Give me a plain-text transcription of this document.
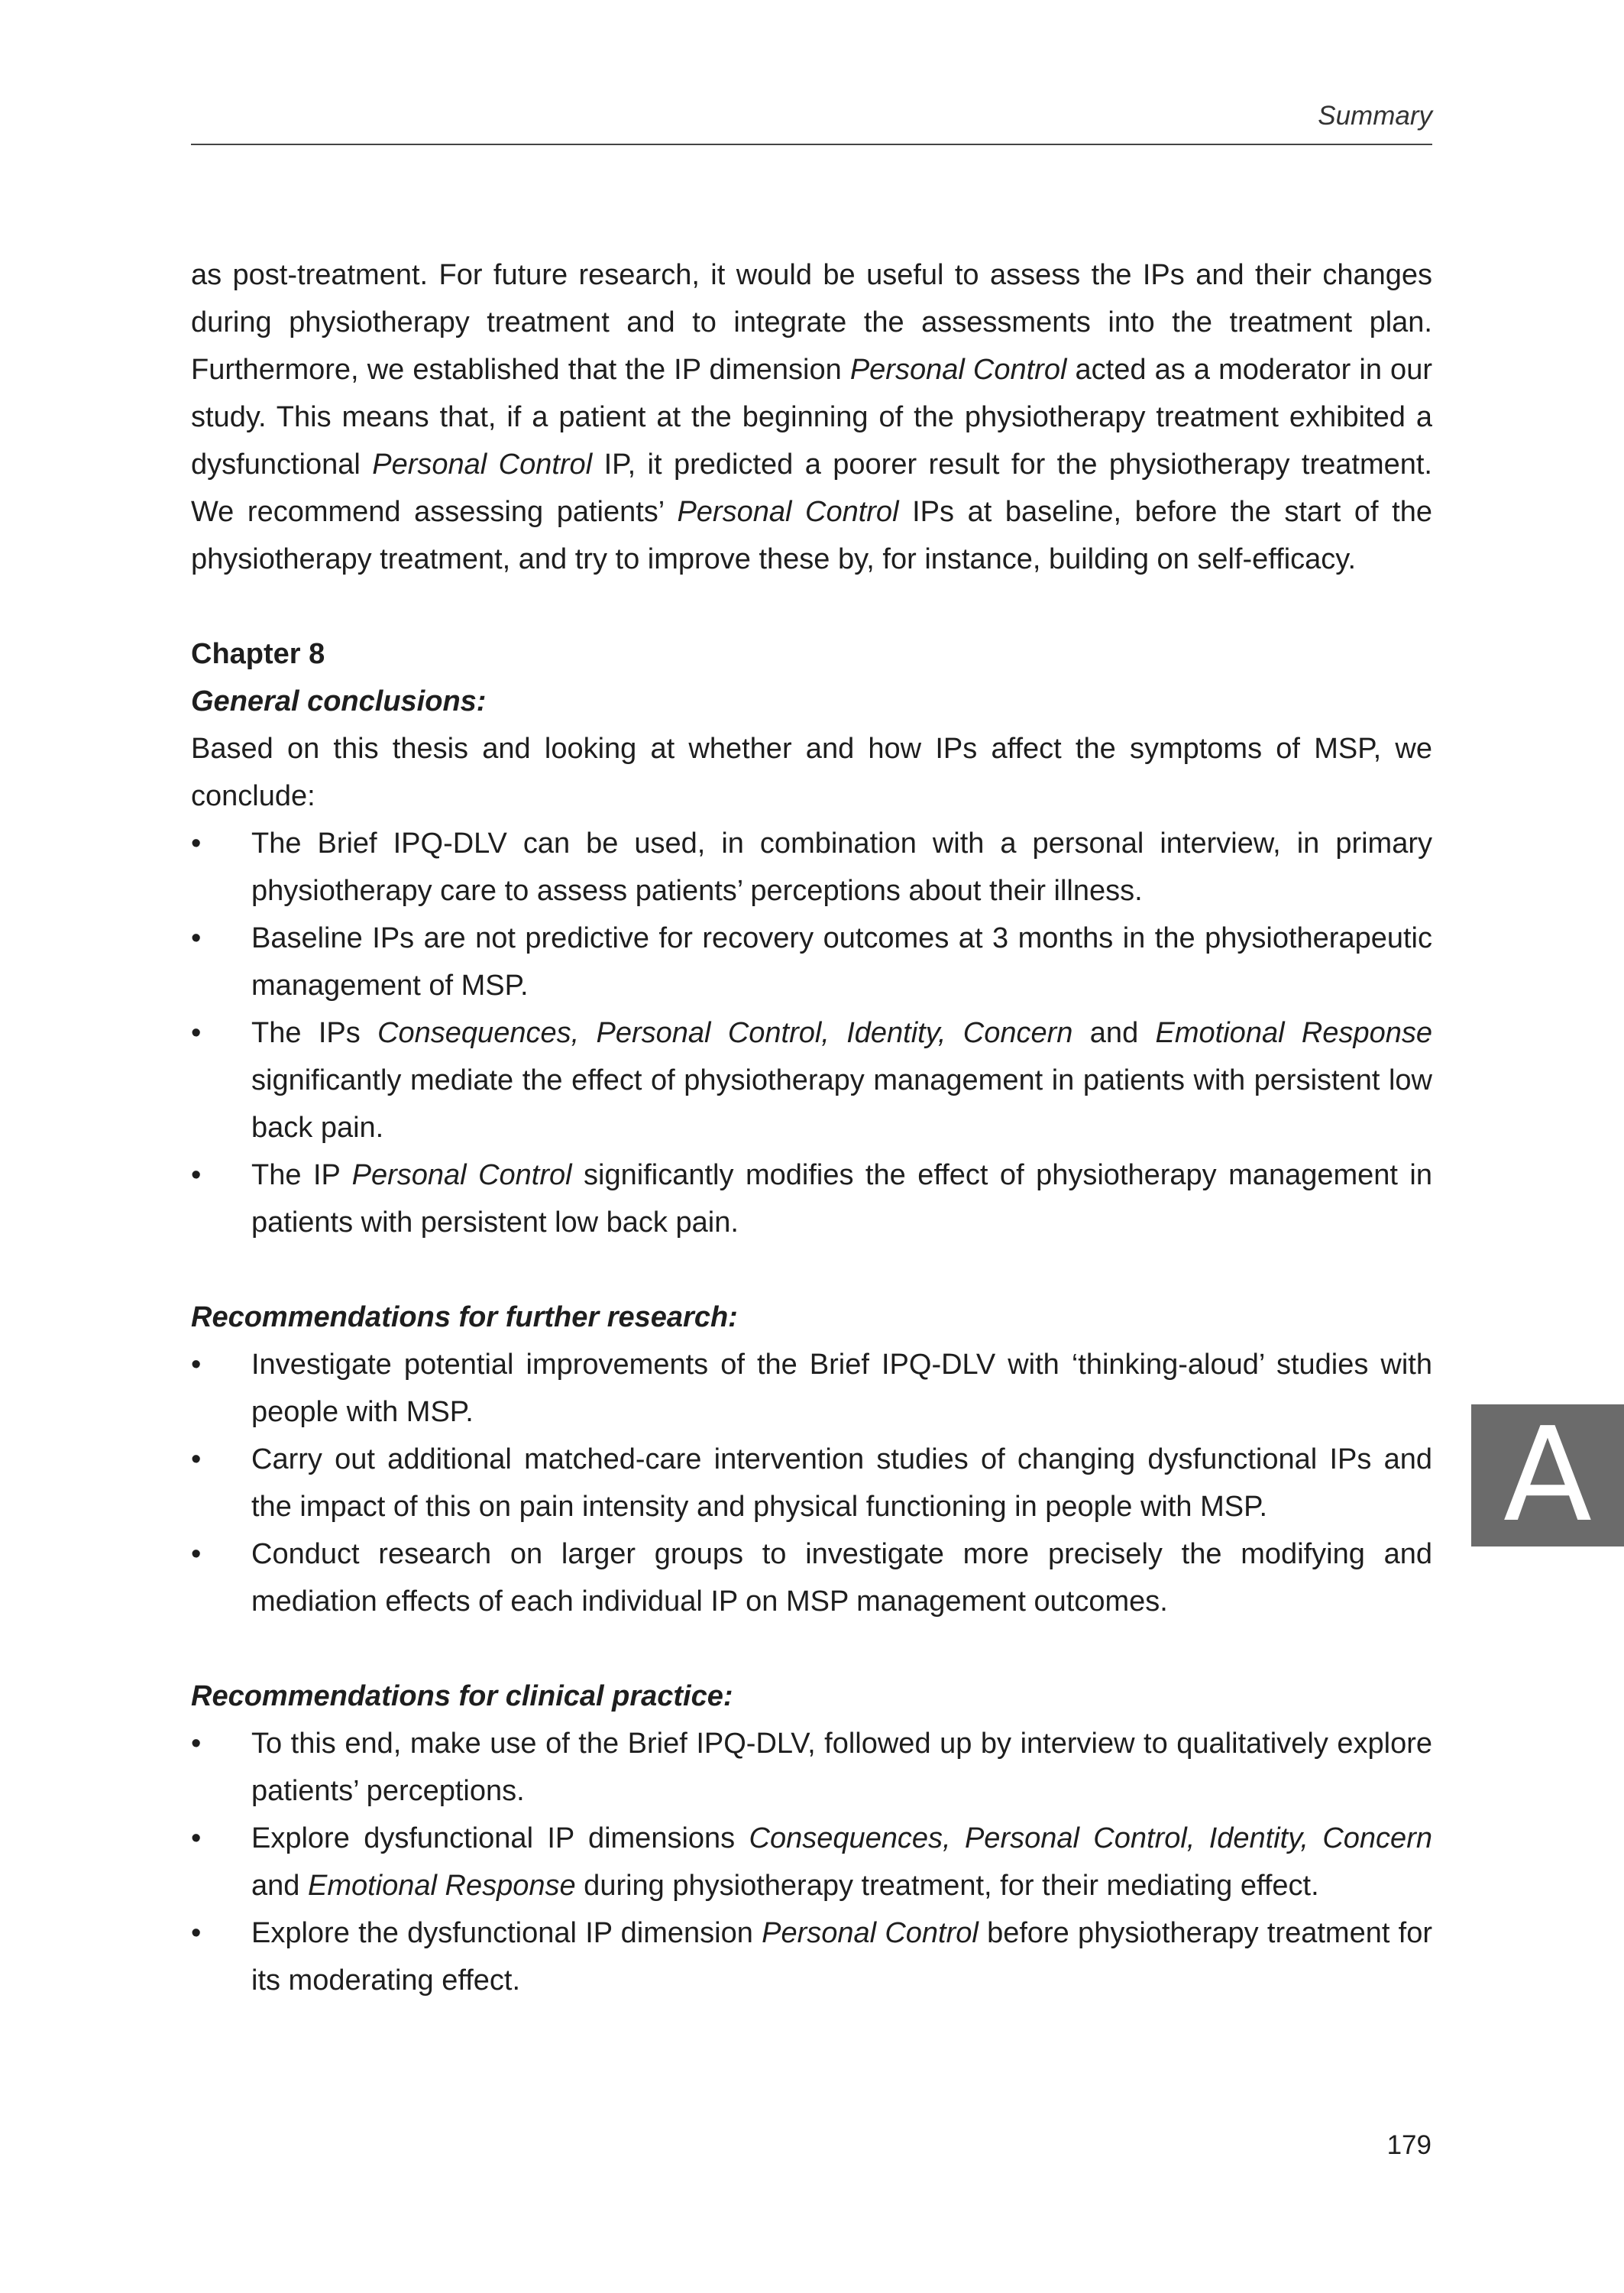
Summary

as post-treatment. For future research, it would be useful to assess the IPs and their changes during physiotherapy treatment and to integrate the assessments into the treatment plan. Furthermore, we established that the IP dimension Personal Control acted as a moderator in our study. This means that, if a patient at the beginning of the physiotherapy treatment exhibited a dysfunctional Personal Control IP, it predicted a poorer result for the physiotherapy treatment. We recommend assessing patients’ Personal Control IPs at baseline, before the start of the physiotherapy treatment, and try to improve these by, for instance, building on self-efficacy.

Chapter 8

General conclusions:

Based on this thesis and looking at whether and how IPs affect the symptoms of MSP, we conclude:

• The Brief IPQ-DLV can be used, in combination with a personal interview, in primary physiotherapy care to assess patients’ perceptions about their illness.
• Baseline IPs are not predictive for recovery outcomes at 3 months in the physiotherapeutic management of MSP.
• The IPs Consequences, Personal Control, Identity, Concern and Emotional Response significantly mediate the effect of physiotherapy management in patients with persistent low back pain.
• The IP Personal Control significantly modifies the effect of physiotherapy management in patients with persistent low back pain.

Recommendations for further research:

• Investigate potential improvements of the Brief IPQ-DLV with ‘thinking-aloud’ studies with people with MSP.
• Carry out additional matched-care intervention studies of changing dysfunctional IPs and the impact of this on pain intensity and physical functioning in people with MSP.
• Conduct research on larger groups to investigate more precisely the modifying and mediation effects of each individual IP on MSP management outcomes.

Recommendations for clinical practice:

• To this end, make use of the Brief IPQ-DLV, followed up by interview to qualitatively explore patients’ perceptions.
• Explore dysfunctional IP dimensions Consequences, Personal Control, Identity, Concern and Emotional Response during physiotherapy treatment, for their mediating effect.
• Explore the dysfunctional IP dimension Personal Control before physiotherapy treatment for its moderating effect.
A
179
